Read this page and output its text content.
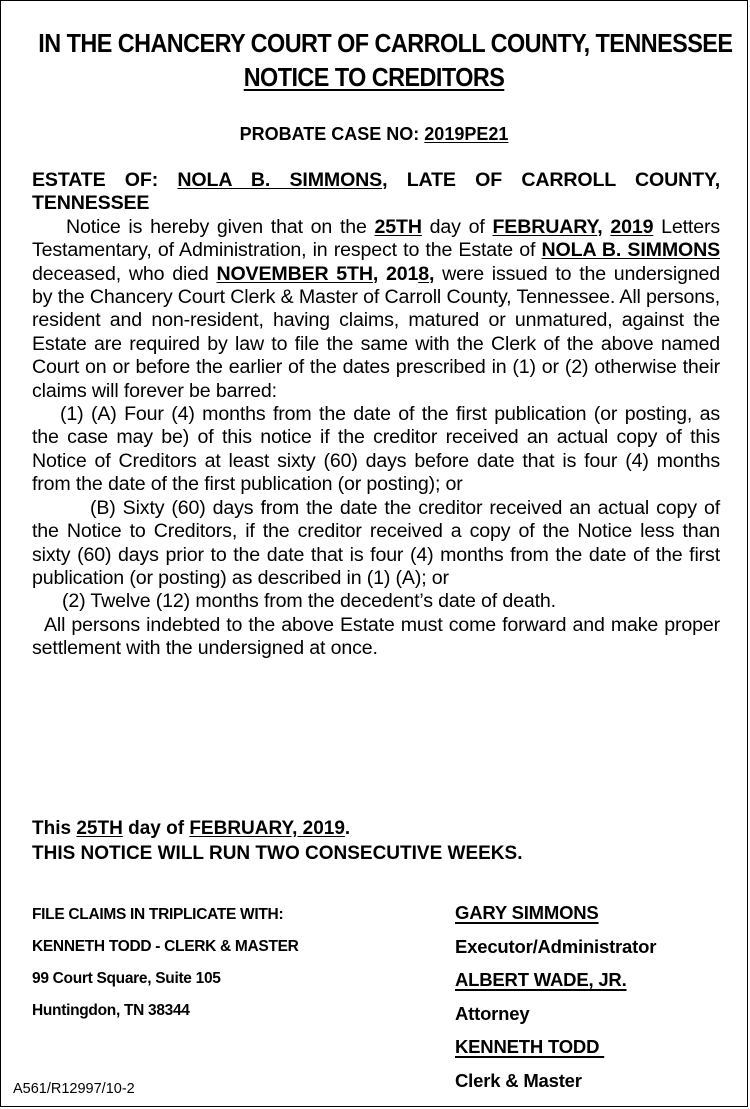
IN THE CHANCERY COURT OF CARROLL COUNTY, TENNESSEE
NOTICE TO CREDITORS
PROBATE CASE NO: 2019PE21

ESTATE OF: NOLA B. SIMMONS, LATE OF CARROLL COUNTY, TENNESSEE

Notice is hereby given that on the 25TH day of FEBRUARY, 2019 Letters Testamentary, of Administration, in respect to the Estate of NOLA B. SIMMONS deceased, who died NOVEMBER 5TH, 2018, were issued to the undersigned by the Chancery Court Clerk & Master of Carroll County, Tennessee. All persons, resident and non-resident, having claims, matured or unmatured, against the Estate are required by law to file the same with the Clerk of the above named Court on or before the earlier of the dates prescribed in (1) or (2) otherwise their claims will forever be barred:

(1) (A) Four (4) months from the date of the first publication (or posting, as the case may be) of this notice if the creditor received an actual copy of this Notice of Creditors at least sixty (60) days before date that is four (4) months from the date of the first publication (or posting); or

(B) Sixty (60) days from the date the creditor received an actual copy of the Notice to Creditors, if the creditor received a copy of the Notice less than sixty (60) days prior to the date that is four (4) months from the date of the first publication (or posting) as described in (1) (A); or

(2) Twelve (12) months from the decedent’s date of death.

All persons indebted to the above Estate must come forward and make proper settlement with the undersigned at once.

This 25TH day of FEBRUARY, 2019.
THIS NOTICE WILL RUN TWO CONSECUTIVE WEEKS.
FILE CLAIMS IN TRIPLICATE WITH:
KENNETH TODD - CLERK & MASTER
99 Court Square, Suite 105
Huntingdon, TN 38344
GARY SIMMONS
Executor/Administrator
ALBERT WADE, JR.
Attorney
KENNETH TODD
Clerk & Master
A561/R12997/10-2
